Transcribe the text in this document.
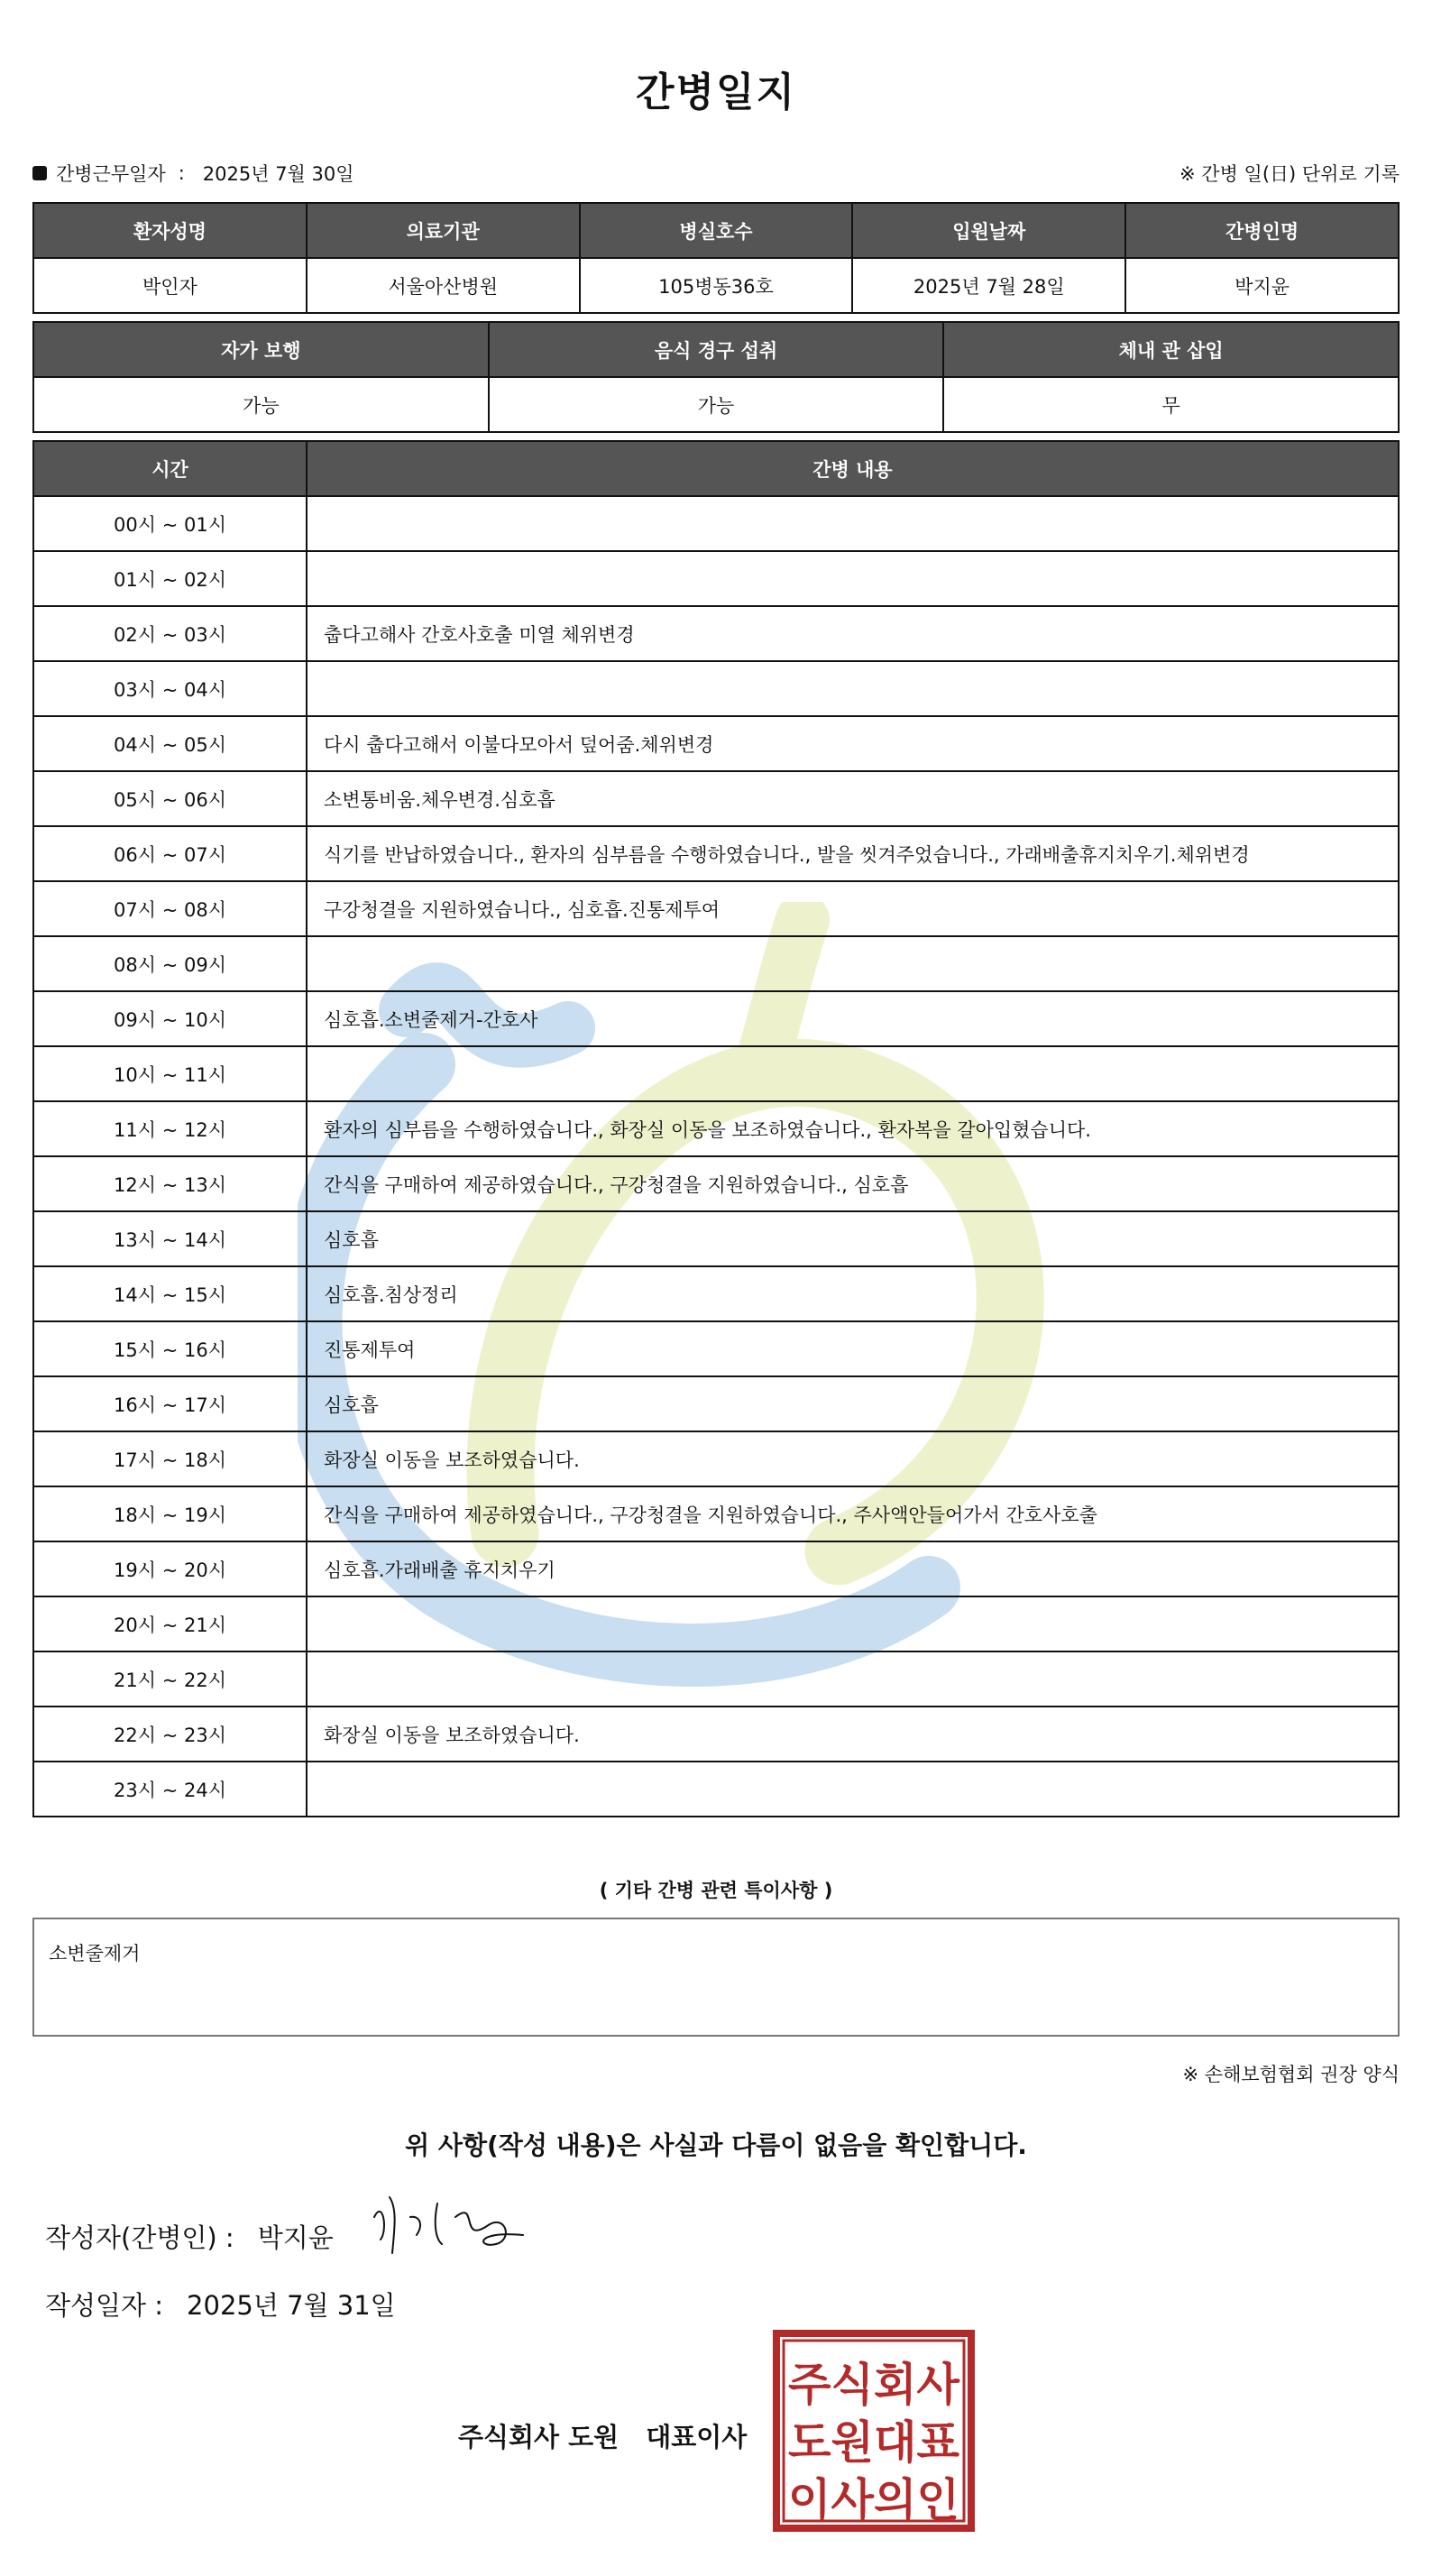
간병일지
간병근무일자 : 2025년 7월 30일	※ 간병 일(日) 단위로 기록
환자성명	의료기관	병실호수	입원날짜	간병인명
박인자	서울아산병원	105병동36호	2025년 7월 28일	박지윤
자가 보행	음식 경구 섭취	체내 관 삽입
가능	가능	무
시간	간병 내용
00시 ~ 01시	
01시 ~ 02시	
02시 ~ 03시	춥다고해사 간호사호출 미열 체위변경
03시 ~ 04시	
04시 ~ 05시	다시 춥다고해서 이불다모아서 덮어줌.체위변경
05시 ~ 06시	소변통비움.체우변경.심호흡
06시 ~ 07시	식기를 반납하였습니다., 환자의 심부름을 수행하였습니다., 발을 씻겨주었습니다., 가래배출휴지치우기.체위변경
07시 ~ 08시	구강청결을 지원하였습니다., 심호흡.진통제투여
08시 ~ 09시	
09시 ~ 10시	심호흡.소변줄제거-간호사
10시 ~ 11시	
11시 ~ 12시	환자의 심부름을 수행하였습니다., 화장실 이동을 보조하였습니다., 환자복을 갈아입혔습니다.
12시 ~ 13시	간식을 구매하여 제공하였습니다., 구강청결을 지원하였습니다., 심호흡
13시 ~ 14시	심호흡
14시 ~ 15시	심호흡.침상정리
15시 ~ 16시	진통제투여
16시 ~ 17시	심호흡
17시 ~ 18시	화장실 이동을 보조하였습니다.
18시 ~ 19시	간식을 구매하여 제공하였습니다., 구강청결을 지원하였습니다., 주사액안들어가서 간호사호출
19시 ~ 20시	심호흡.가래배출 휴지치우기
20시 ~ 21시	
21시 ~ 22시	
22시 ~ 23시	화장실 이동을 보조하였습니다.
23시 ~ 24시	
( 기타 간병 관련 특이사항 )
소변줄제거
※ 손해보험협회 권장 양식
위 사항(작성 내용)은 사실과 다름이 없음을 확인합니다.
작성자(간병인) : 박지윤
작성일자 : 2025년 7월 31일
주식회사 도원 대표이사
주식회사
도원대표
이사의인
